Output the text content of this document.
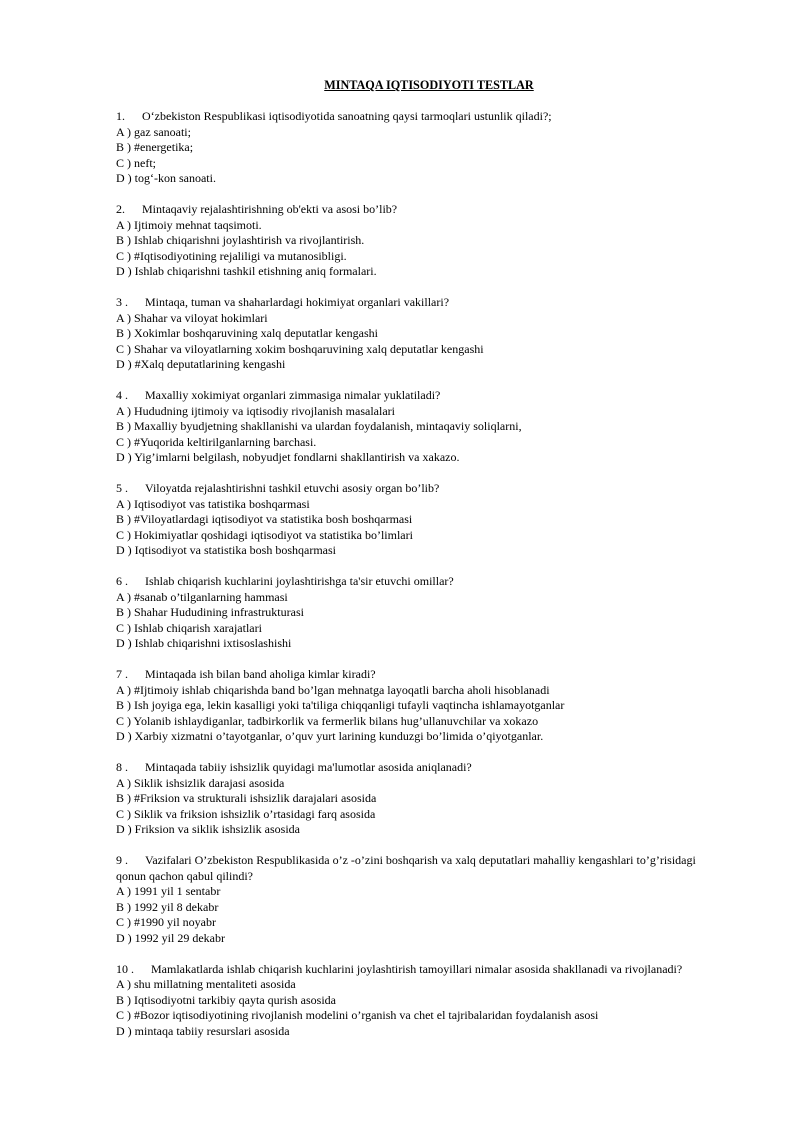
MINTAQA IQTISODIYOTI TESTLAR
1. O‘zbekiston Respublikasi iqtisodiyotida sanoatning qaysi tarmoqlari ustunlik qiladi?;
A ) gaz sanoati;
B ) #energetika;
C ) neft;
D ) tog‘-kon sanoati.
2. Mintaqaviy rejalashtirishning ob'ekti va asosi bo’lib?
A ) Ijtimoiy mehnat taqsimoti.
B ) Ishlab chiqarishni joylashtirish va rivojlantirish.
C ) #Iqtisodiyotining rejaliligi va mutanosibligi.
D ) Ishlab chiqarishni tashkil etishning aniq formalari.
3 . Mintaqa, tuman va shaharlardagi hokimiyat organlari vakillari?
A ) Shahar va viloyat hokimlari
B ) Xokimlar boshqaruvining xalq deputatlar kengashi
C ) Shahar va viloyatlarning xokim boshqaruvining xalq deputatlar kengashi
D ) #Xalq deputatlarining kengashi
4 . Maxalliy xokimiyat organlari zimmasiga nimalar yuklatiladi?
A ) Hududning ijtimoiy va iqtisodiy rivojlanish masalalari
B ) Maxalliy byudjetning shakllanishi va ulardan foydalanish, mintaqaviy soliqlarni,
C ) #Yuqorida keltirilganlarning barchasi.
D ) Yig’imlarni belgilash, nobyudjet fondlarni shakllantirish va xakazo.
5 . Viloyatda rejalashtirishni tashkil etuvchi asosiy organ bo’lib?
A ) Iqtisodiyot vas tatistika boshqarmasi
B ) #Viloyatlardagi iqtisodiyot va statistika bosh boshqarmasi
C ) Hokimiyatlar qoshidagi iqtisodiyot va statistika bo’limlari
D ) Iqtisodiyot va statistika bosh boshqarmasi
6 . Ishlab chiqarish kuchlarini joylashtirishga ta'sir etuvchi omillar?
A ) #sanab o’tilganlarning hammasi
B ) Shahar Hududining infrastrukturasi
C ) Ishlab chiqarish xarajatlari
D ) Ishlab chiqarishni ixtisoslashishi
7 . Mintaqada ish bilan band aholiga kimlar kiradi?
A ) #Ijtimoiy ishlab chiqarishda band bo’lgan mehnatga layoqatli barcha aholi hisoblanadi
B ) Ish joyiga ega, lekin kasalligi yoki ta'tiliga chiqqanligi tufayli vaqtincha ishlamayotganlar
C ) Yolanib ishlaydiganlar, tadbirkorlik va fermerlik bilans hug’ullanuvchilar va xokazo
D ) Xarbiy xizmatni o’tayotganlar, o’quv yurt larining kunduzgi bo’limida o’qiyotganlar.
8 . Mintaqada tabiiy ishsizlik quyidagi ma'lumotlar asosida aniqlanadi?
A ) Siklik ishsizlik darajasi asosida
B ) #Friksion va strukturali ishsizlik darajalari asosida
C ) Siklik va friksion ishsizlik o’rtasidagi farq asosida
D ) Friksion va siklik ishsizlik asosida
9 . Vazifalari O’zbekiston Respublikasida o’z -o’zini boshqarish va xalq deputatlari mahalliy kengashlari to’g’risidagi qonun qachon qabul qilindi?
A ) 1991 yil 1 sentabr
B ) 1992 yil 8 dekabr
C ) #1990 yil noyabr
D ) 1992 yil 29 dekabr
10 . Mamlakatlarda ishlab chiqarish kuchlarini joylashtirish tamoyillari nimalar asosida shakllanadi va rivojlanadi?
A ) shu millatning mentaliteti asosida
B ) Iqtisodiyotni tarkibiy qayta qurish asosida
C ) #Bozor iqtisodiyotining rivojlanish modelini o’rganish va chet el tajribalaridan foydalanish asosi
D ) mintaqa tabiiy resurslari asosida
